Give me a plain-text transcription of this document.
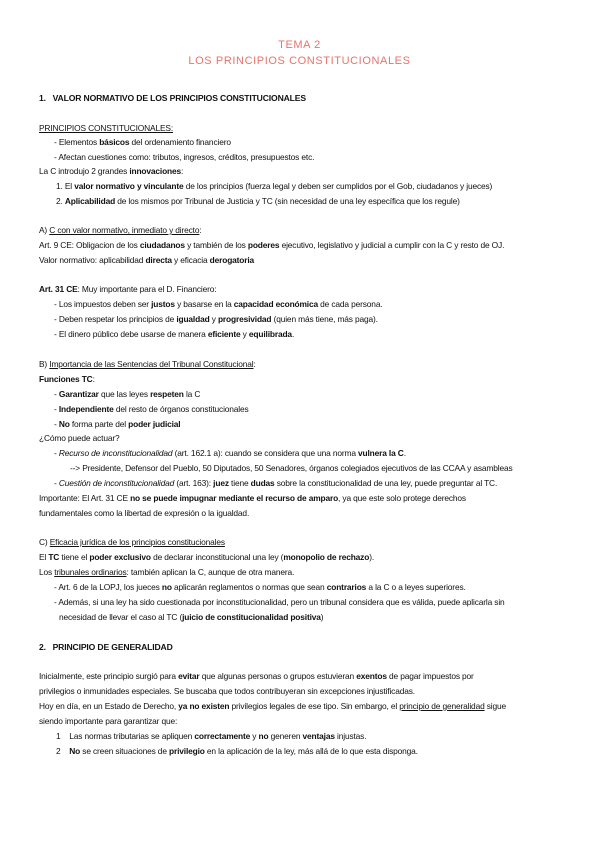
TEMA 2
LOS PRINCIPIOS CONSTITUCIONALES
1. VALOR NORMATIVO DE LOS PRINCIPIOS CONSTITUCIONALES
PRINCIPIOS CONSTITUCIONALES:
- Elementos básicos del ordenamiento financiero
- Afectan cuestiones como: tributos, ingresos, créditos, presupuestos etc.
La C introdujo 2 grandes innovaciones:
1. El valor normativo y vinculante de los principios (fuerza legal y deben ser cumplidos por el Gob, ciudadanos y jueces)
2. Aplicabilidad de los mismos por Tribunal de Justicia y TC (sin necesidad de una ley específica que los regule)
A) C con valor normativo, inmediato y directo:
Art. 9 CE: Obligacion de los ciudadanos y también de los poderes ejecutivo, legislativo y judicial a cumplir con la C y resto de OJ.
Valor normativo: aplicabilidad directa y eficacia derogatoria
Art. 31 CE: Muy importante para el D. Financiero:
- Los impuestos deben ser justos y basarse en la capacidad económica de cada persona.
- Deben respetar los principios de igualdad y progresividad (quien más tiene, más paga).
- El dinero público debe usarse de manera eficiente y equilibrada.
B) Importancia de las Sentencias del Tribunal Constitucional:
Funciones TC:
- Garantizar que las leyes respeten la C
- Independiente del resto de órganos constitucionales
- No forma parte del poder judicial
¿Cómo puede actuar?
- Recurso de inconstitucionalidad (art. 162.1 a): cuando se considera que una norma vulnera la C.
--> Presidente, Defensor del Pueblo, 50 Diputados, 50 Senadores, órganos colegiados ejecutivos de las CCAA y asambleas
- Cuestión de inconstitucionalidad (art. 163): juez tiene dudas sobre la constitucionalidad de una ley, puede preguntar al TC.
Importante: El Art. 31 CE no se puede impugnar mediante el recurso de amparo, ya que este solo protege derechos
fundamentales como la libertad de expresión o la igualdad.
C) Eficacia jurídica de los principios constitucionales
El TC tiene el poder exclusivo de declarar inconstitucional una ley (monopolio de rechazo).
Los tribunales ordinarios: también aplican la C, aunque de otra manera.
- Art. 6 de la LOPJ, los jueces no aplicarán reglamentos o normas que sean contrarios a la C o a leyes superiores.
- Además, si una ley ha sido cuestionada por inconstitucionalidad, pero un tribunal considera que es válida, puede aplicarla sin
necesidad de llevar el caso al TC (juicio de constitucionalidad positiva)
2. PRINCIPIO DE GENERALIDAD
Inicialmente, este principio surgió para evitar que algunas personas o grupos estuvieran exentos de pagar impuestos por
privilegios o inmunidades especiales. Se buscaba que todos contribuyeran sin excepciones injustificadas.
Hoy en día, en un Estado de Derecho, ya no existen privilegios legales de ese tipo. Sin embargo, el principio de generalidad sigue
siendo importante para garantizar que:
1 Las normas tributarias se apliquen correctamente y no generen ventajas injustas.
2 No se creen situaciones de privilegio en la aplicación de la ley, más allá de lo que esta disponga.
